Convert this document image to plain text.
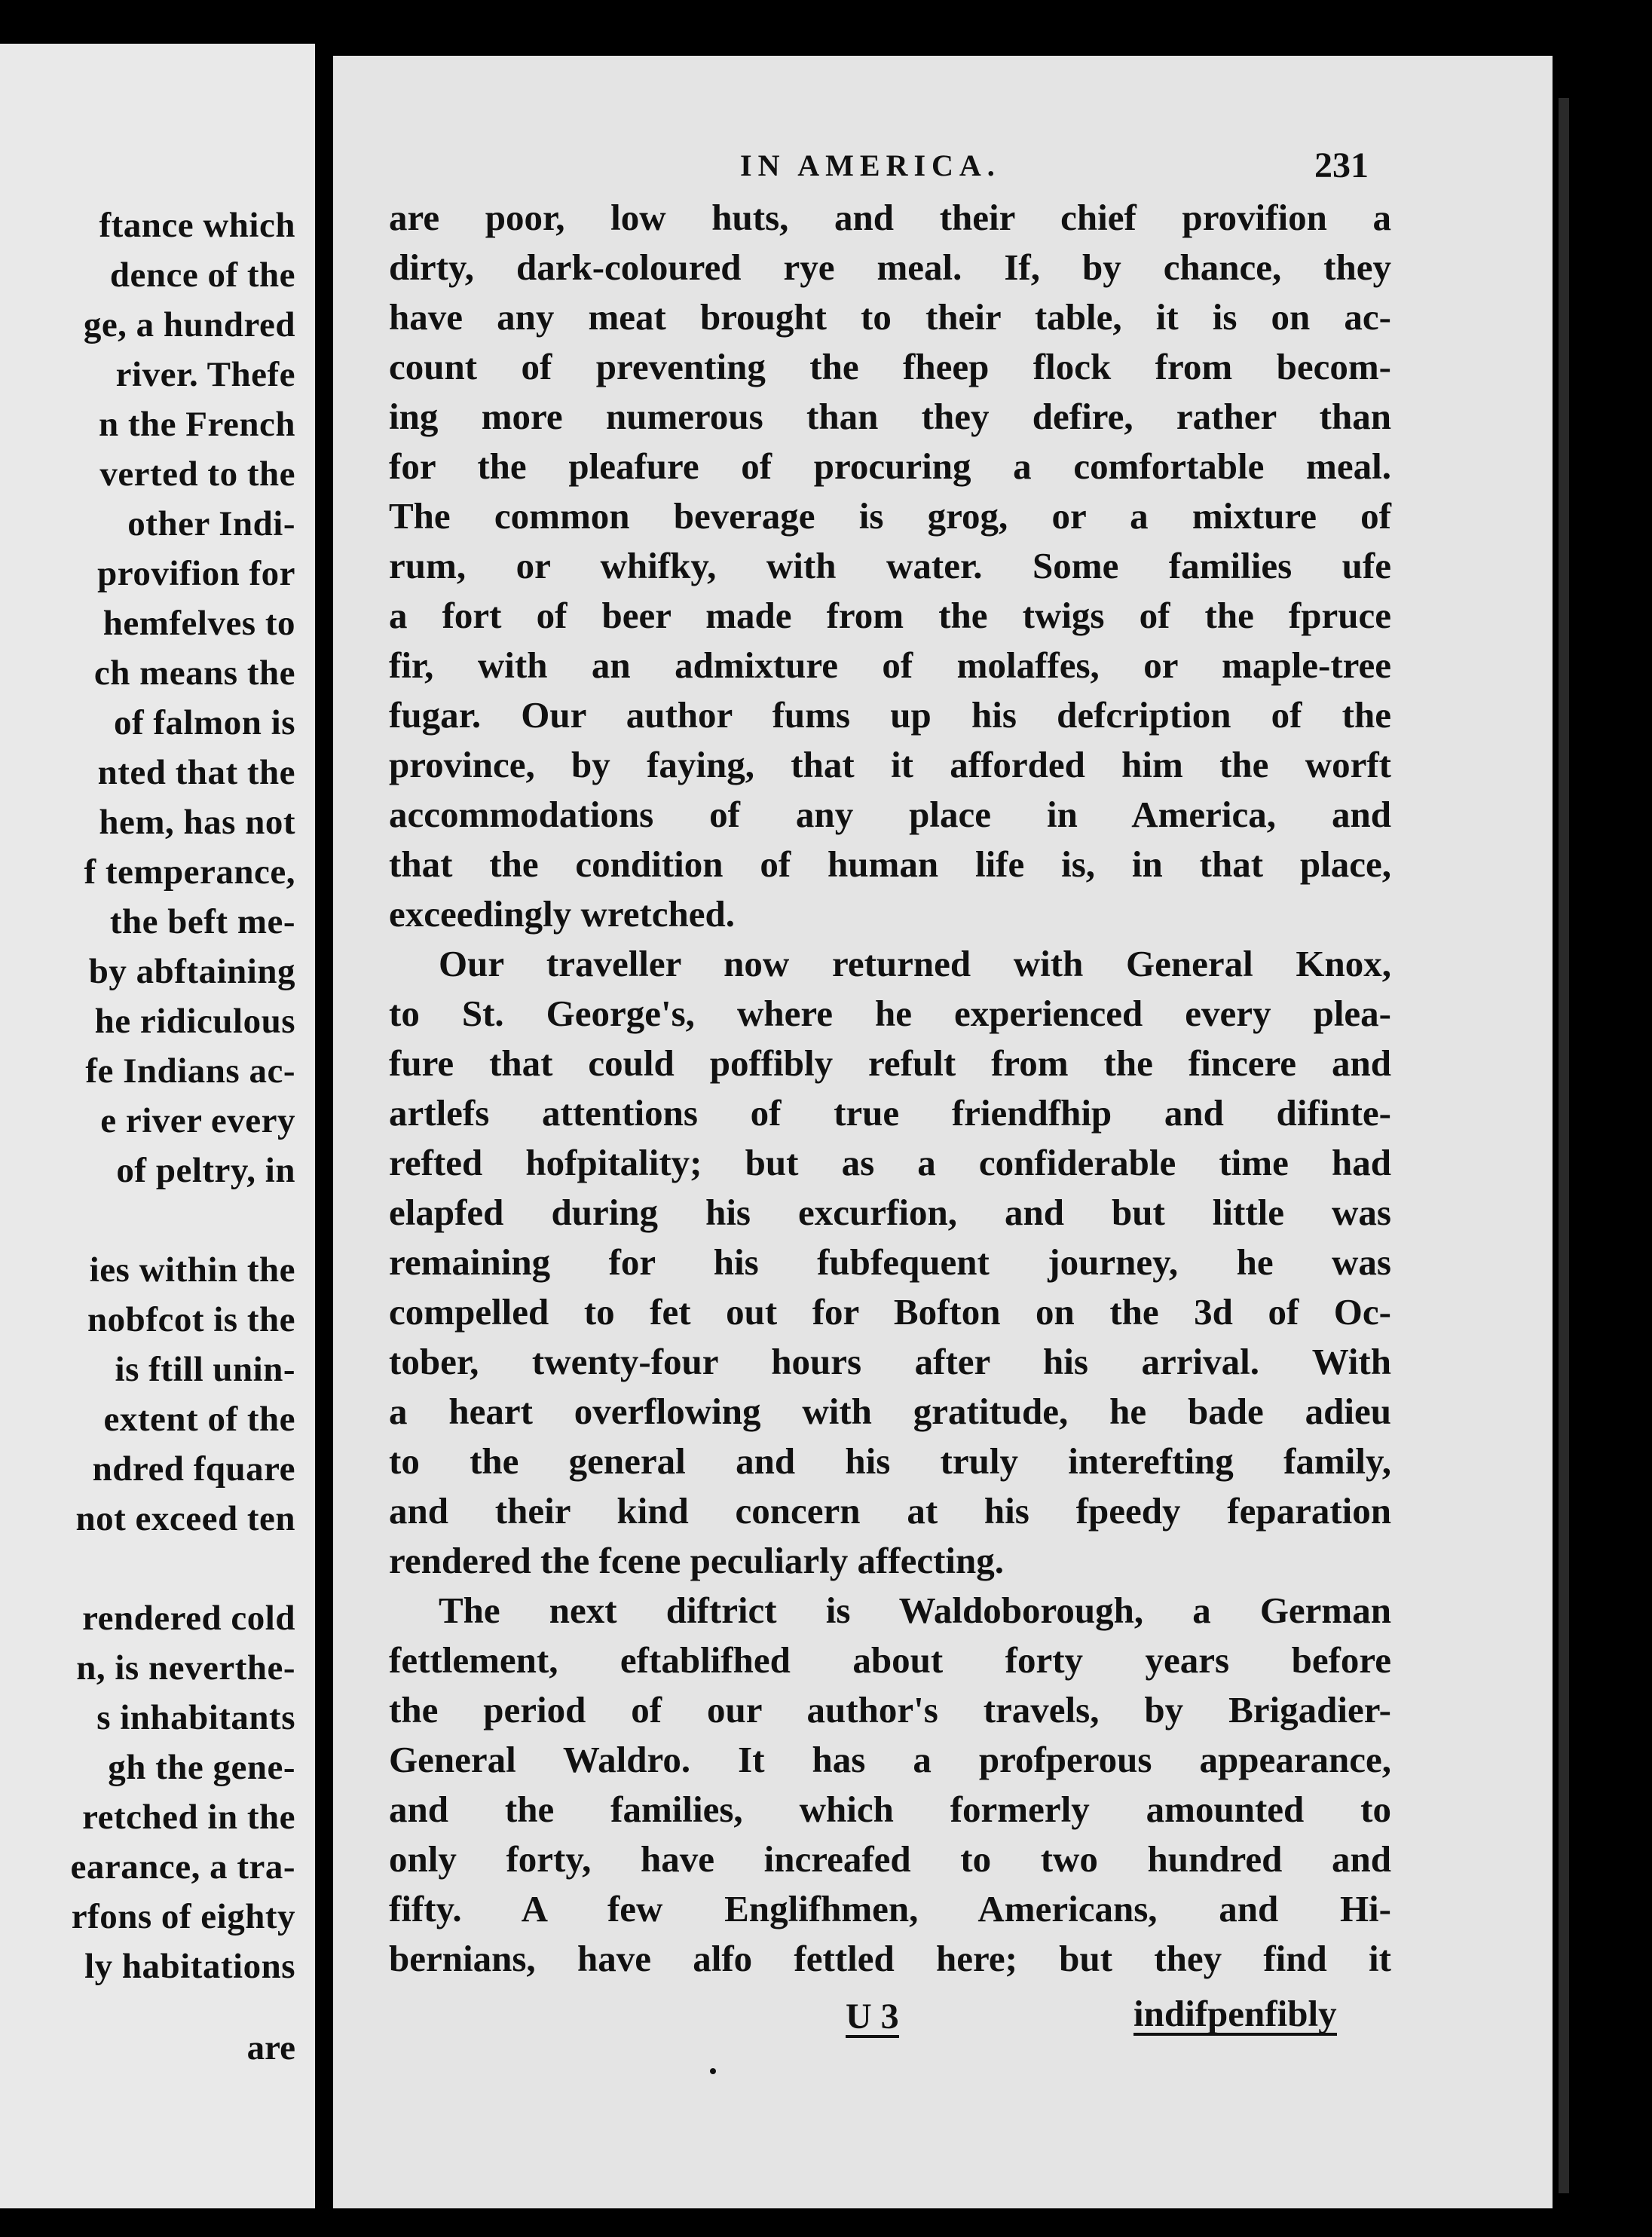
ftance which
dence of the
ge, a hundred
river. Thefe
n the French
verted to the
other Indi-
provifion for
hemfelves to
ch means the
of falmon is
nted that the
hem, has not
f temperance,
the beft me-
by abftaining
he ridiculous
fe Indians ac-
e river every
of peltry, in
ies within the
nobfcot is the
is ftill unin-
extent of the
ndred fquare
not exceed ten
rendered cold
n, is neverthe-
s inhabitants
gh the gene-
retched in the
earance, a tra-
rfons of eighty
ly habitations
are
IN AMERICA.	231
are poor, low huts, and their chief provifion a
dirty, dark-coloured rye meal. If, by chance, they
have any meat brought to their table, it is on ac-
count of preventing the fheep flock from becom-
ing more numerous than they defire, rather than
for the pleafure of procuring a comfortable meal.
The common beverage is grog, or a mixture of
rum, or whifky, with water. Some families ufe
a fort of beer made from the twigs of the fpruce
fir, with an admixture of molaffes, or maple-tree
fugar. Our author fums up his defcription of the
province, by faying, that it afforded him the worft
accommodations of any place in America, and
that the condition of human life is, in that place,
exceedingly wretched.
Our traveller now returned with General Knox,
to St. George's, where he experienced every plea-
fure that could poffibly refult from the fincere and
artlefs attentions of true friendfhip and difinte-
refted hofpitality; but as a confiderable time had
elapfed during his excurfion, and but little was
remaining for his fubfequent journey, he was
compelled to fet out for Bofton on the 3d of Oc-
tober, twenty-four hours after his arrival. With
a heart overflowing with gratitude, he bade adieu
to the general and his truly interefting family,
and their kind concern at his fpeedy feparation
rendered the fcene peculiarly affecting.
The next diftrict is Waldoborough, a German
fettlement, eftablifhed about forty years before
the period of our author's travels, by Brigadier-
General Waldro. It has a profperous appearance,
and the families, which formerly amounted to
only forty, have increafed to two hundred and
fifty. A few Englifhmen, Americans, and Hi-
bernians, have alfo fettled here; but they find it
U 3	indifpenfibly
